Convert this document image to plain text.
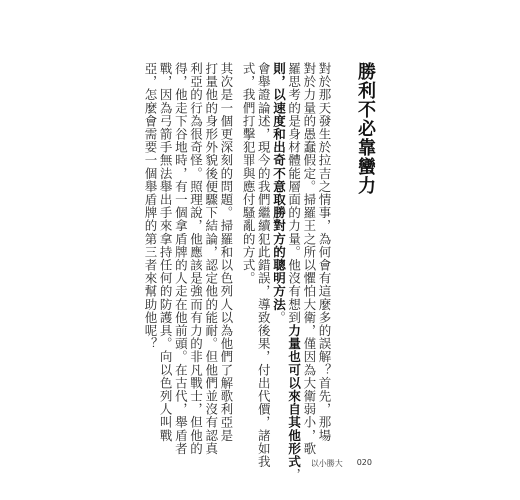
勝利不必靠蠻力
對於那天發生於拉吉之情事，為何會有這麼多的誤解？首先，那場
對於力量的愚蠢假定。掃羅王之所以懼怕大衛，僅因為大衛弱小，歌
羅思考的是身材體能層面的力量。他沒有想到力量也可以來自其他形式，
則，以速度和出奇不意取勝對方的聰明方法。
會舉證論述，現今的我們繼續犯此錯誤，導致後果，付出代價，諸如我
式，我們打擊犯罪與應付騷亂的方式。
其次是一個更深刻的問題。掃羅和以色列人以為他們了解歌利亞是
打量他的身形外貌後便驟下結論，認定他的能耐。但他們並沒有認真
利亞的行為很奇怪。照理說，他應該是強而有力的非凡戰士，但他的
得，他走下谷地時，有一個拿盾牌的人走在他前頭。在古代，舉盾者
戰，因為弓箭手無法舉出手來拿持任何的防護具。向以色列人叫戰
亞，怎麼會需要一個舉盾牌的第三者來幫助他呢？
以小勝大 020
